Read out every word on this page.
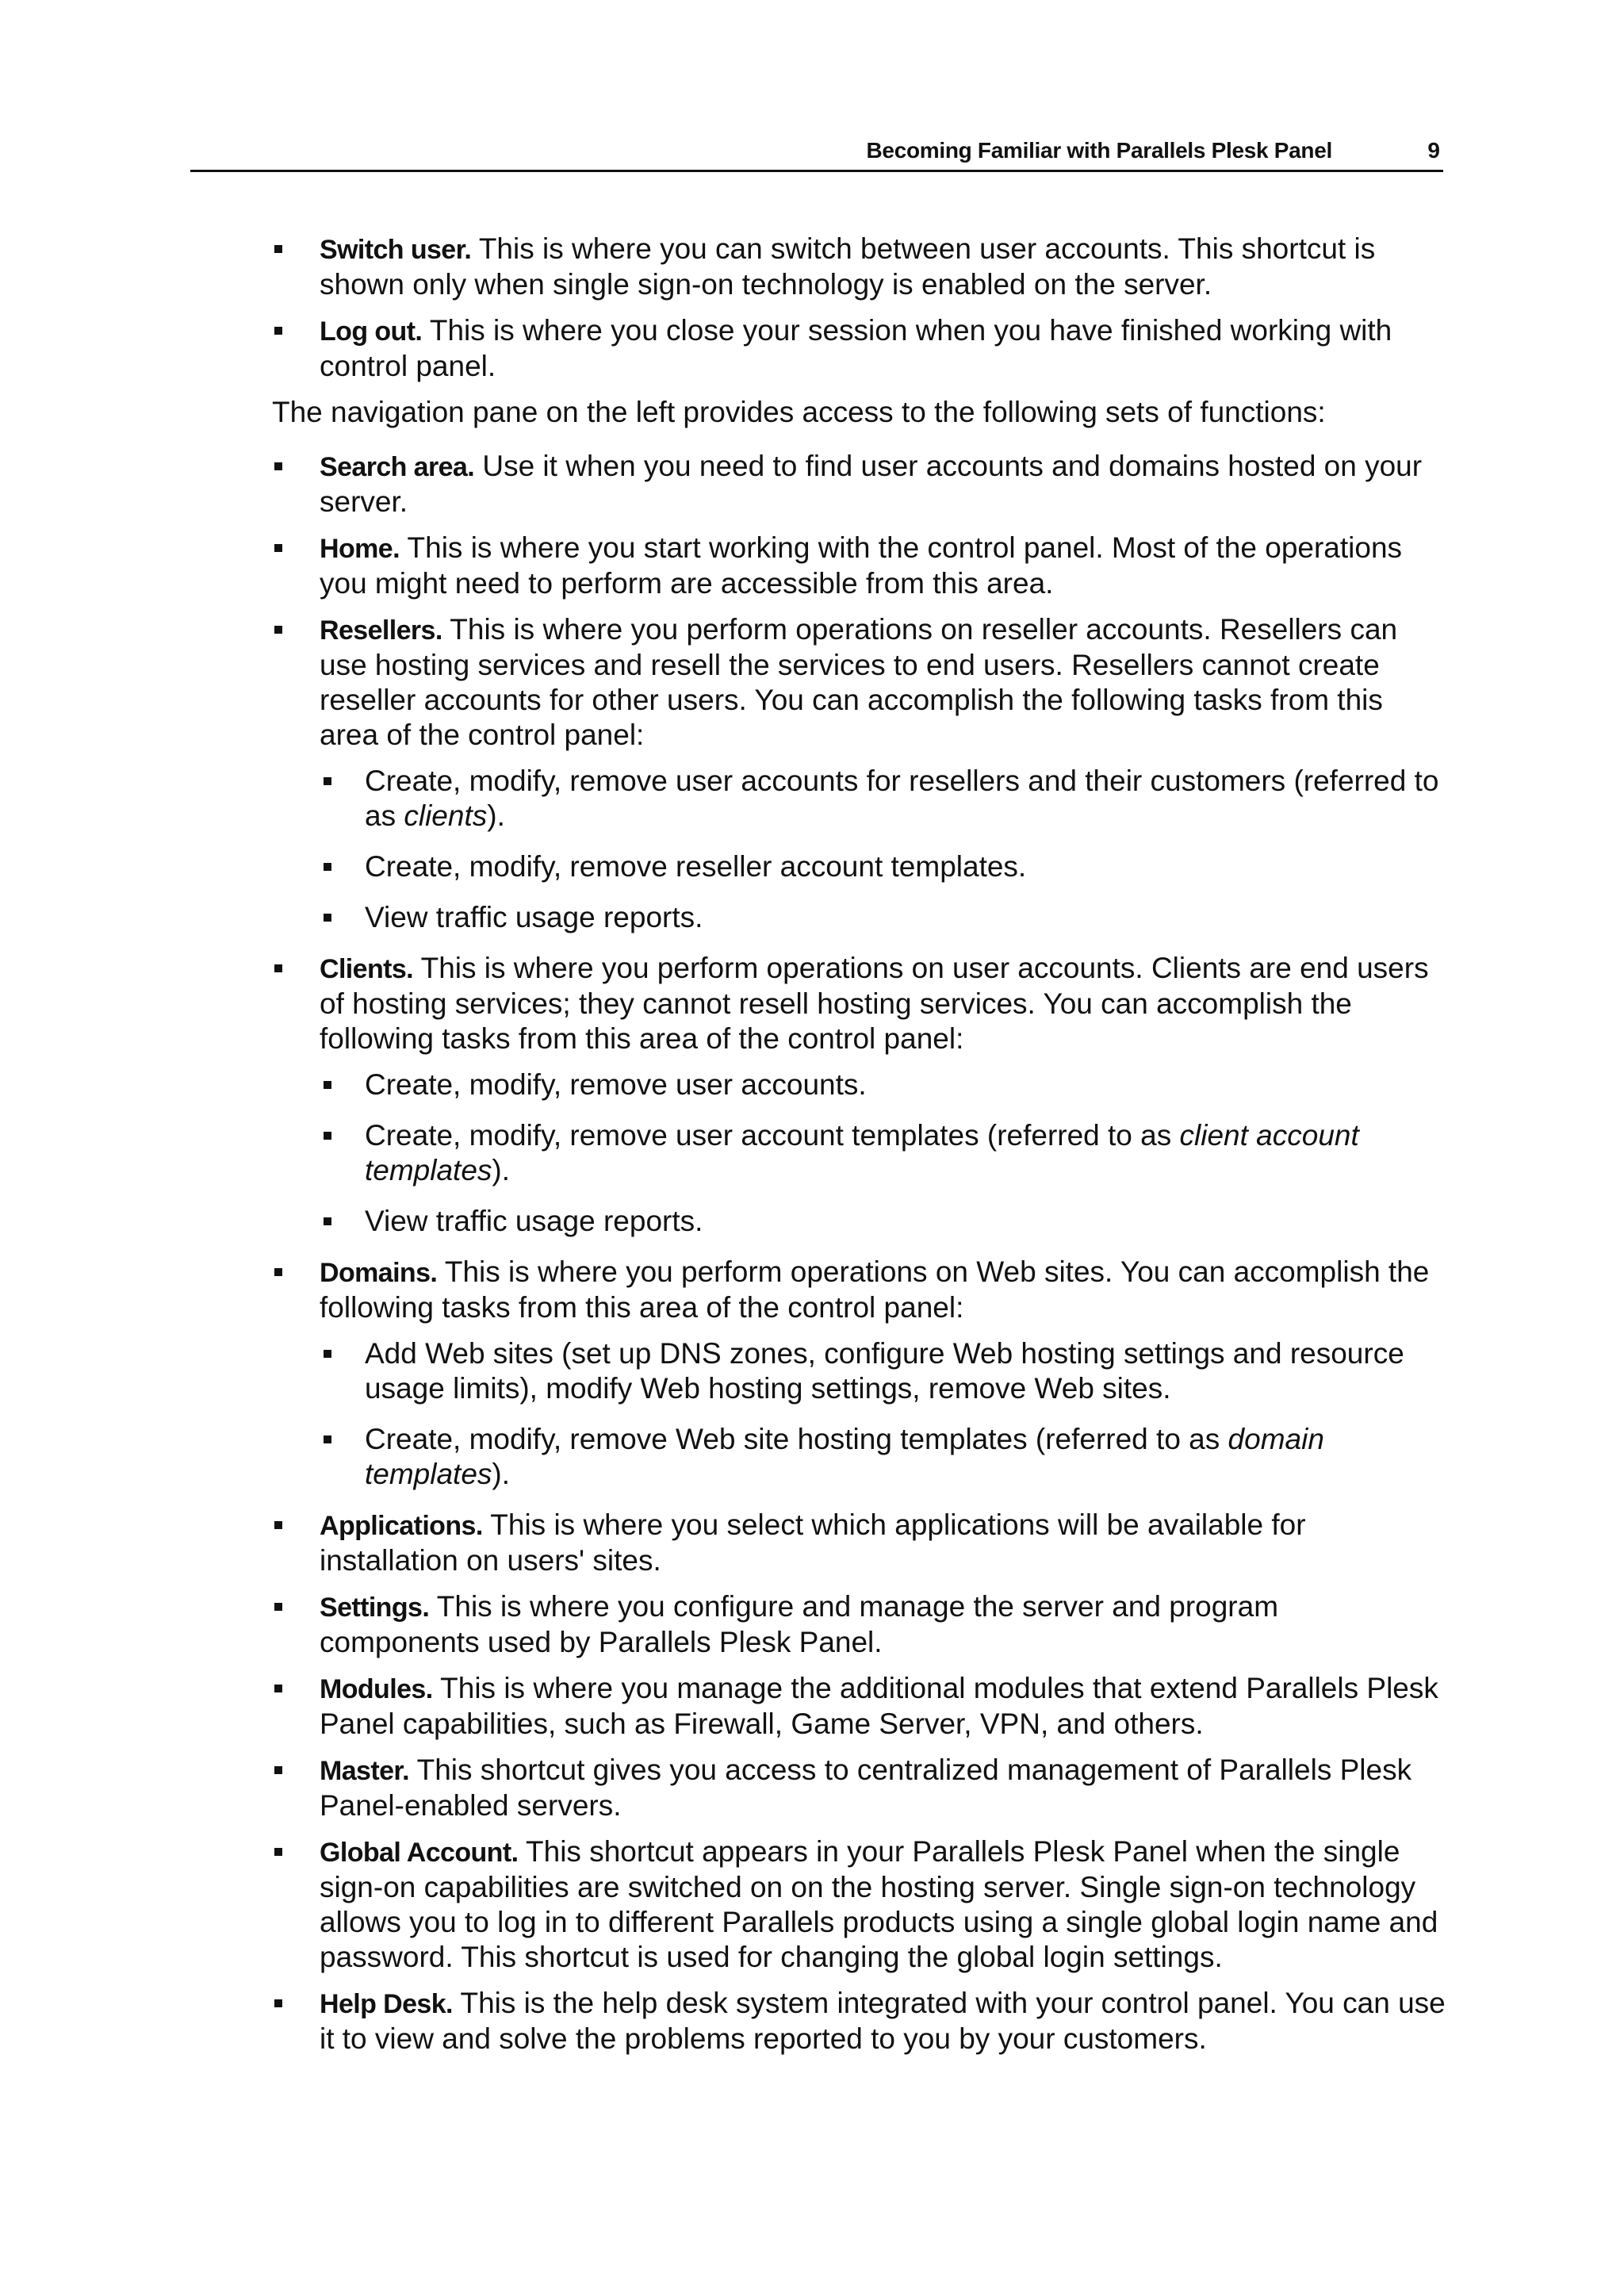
Becoming Familiar with Parallels Plesk Panel	9
Switch user. This is where you can switch between user accounts. This shortcut is shown only when single sign-on technology is enabled on the server.
Log out. This is where you close your session when you have finished working with control panel.

The navigation pane on the left provides access to the following sets of functions:

Search area. Use it when you need to find user accounts and domains hosted on your server.
Home. This is where you start working with the control panel. Most of the operations you might need to perform are accessible from this area.
Resellers. This is where you perform operations on reseller accounts. Resellers can use hosting services and resell the services to end users. Resellers cannot create reseller accounts for other users. You can accomplish the following tasks from this area of the control panel:
Create, modify, remove user accounts for resellers and their customers (referred to as clients).
Create, modify, remove reseller account templates.
View traffic usage reports.
Clients. This is where you perform operations on user accounts. Clients are end users of hosting services; they cannot resell hosting services. You can accomplish the following tasks from this area of the control panel:
Create, modify, remove user accounts.
Create, modify, remove user account templates (referred to as client account templates).
View traffic usage reports.
Domains. This is where you perform operations on Web sites. You can accomplish the following tasks from this area of the control panel:
Add Web sites (set up DNS zones, configure Web hosting settings and resource usage limits), modify Web hosting settings, remove Web sites.
Create, modify, remove Web site hosting templates (referred to as domain templates).
Applications. This is where you select which applications will be available for installation on users' sites.
Settings. This is where you configure and manage the server and program components used by Parallels Plesk Panel.
Modules. This is where you manage the additional modules that extend Parallels Plesk Panel capabilities, such as Firewall, Game Server, VPN, and others.
Master. This shortcut gives you access to centralized management of Parallels Plesk Panel-enabled servers.
Global Account. This shortcut appears in your Parallels Plesk Panel when the single sign-on capabilities are switched on on the hosting server. Single sign-on technology allows you to log in to different Parallels products using a single global login name and password. This shortcut is used for changing the global login settings.
Help Desk. This is the help desk system integrated with your control panel. You can use it to view and solve the problems reported to you by your customers.
